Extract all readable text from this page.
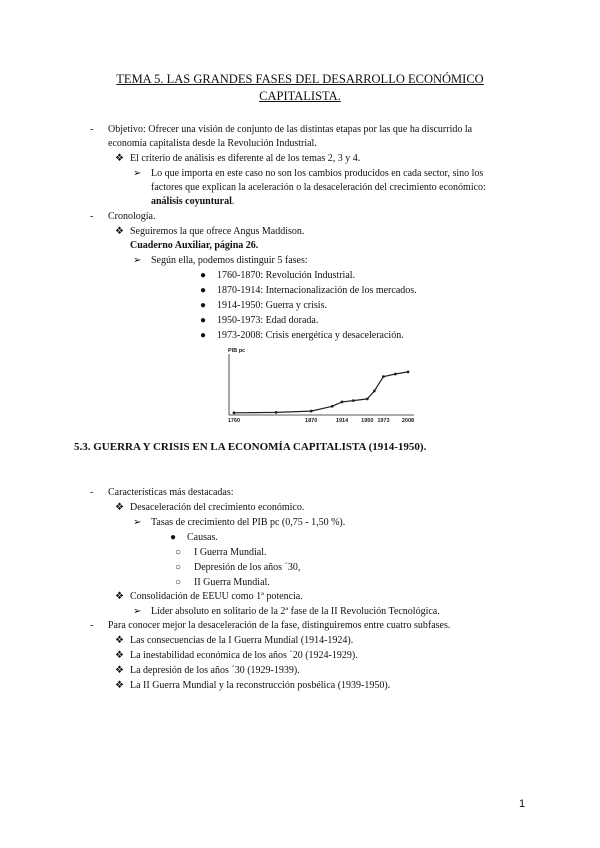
TEMA 5. LAS GRANDES FASES DEL DESARROLLO ECONÓMICO
CAPITALISTA.
- Objetivo: Ofrecer una visión de conjunto de las distintas etapas por las que ha discurrido la
economía capitalista desde la Revolución Industrial.
❖ El criterio de análisis es diferente al de los temas 2, 3 y 4.
➢ Lo que importa en este caso no son los cambios producidos en cada sector, sino los
factores que explican la aceleración o la desaceleración del crecimiento económico:
análisis coyuntural.
- Cronología.
❖ Seguiremos la que ofrece Angus Maddison.
Cuaderno Auxiliar, página 26.
➢ Según ella, podemos distinguir 5 fases:
● 1760-1870: Revolución Industrial.
● 1870-1914: Internacionalización de los mercados.
● 1914-1950: Guerra y crisis.
● 1950-1973: Edad dorada.
● 1973-2008: Crisis energética y desaceleración.
PIB pc
1760	1870	1914 1950 1973 2008
5.3. GUERRA Y CRISIS EN LA ECONOMÍA CAPITALISTA (1914-1950).
- Características más destacadas:
❖ Desaceleración del crecimiento económico.
➢ Tasas de crecimiento del PIB pc (0,75 - 1,50 %).
● Causas.
○ I Guerra Mundial.
○ Depresión de los años ´30,
○ II Guerra Mundial.
❖ Consolidación de EEUU como 1ª potencia.
➢ Líder absoluto en solitario de la 2ª fase de la II Revolución Tecnológica.
- Para conocer mejor la desaceleración de la fase, distinguiremos entre cuatro subfases.
❖ Las consecuencias de la I Guerra Mundial (1914-1924).
❖ La inestabilidad económica de los años ´20 (1924-1929).
❖ La depresión de los años ´30 (1929-1939).
❖ La II Guerra Mundial y la reconstrucción posbélica (1939-1950).
1
